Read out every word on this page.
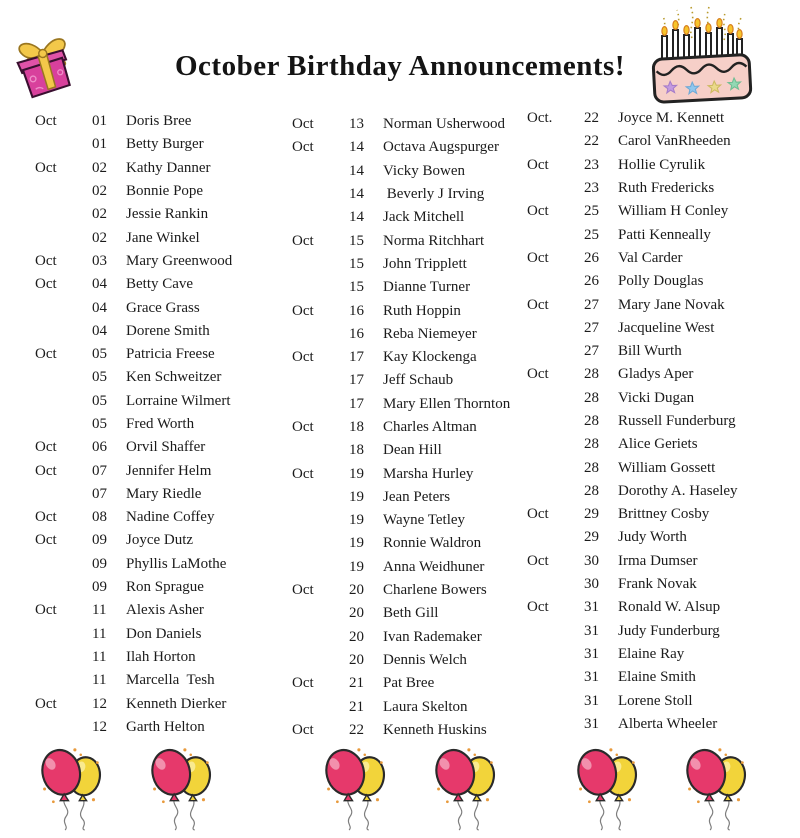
October Birthday Announcements!
Oct	01	Doris Bree
01	Betty Burger
Oct	02	Kathy Danner
02	Bonnie Pope
02	Jessie Rankin
02	Jane Winkel
Oct	03	Mary Greenwood
Oct	04	Betty Cave
04	Grace Grass
04	Dorene Smith
Oct	05	Patricia Freese
05	Ken Schweitzer
05	Lorraine Wilmert
05	Fred Worth
Oct	06	Orvil Shaffer
Oct	07	Jennifer Helm
07	Mary Riedle
Oct	08	Nadine Coffey
Oct	09	Joyce Dutz
09	Phyllis LaMothe
09	Ron Sprague
Oct	11	Alexis Asher
11	Don Daniels
11	Ilah Horton
11	Marcella  Tesh
Oct	12	Kenneth Dierker
12	Garth Helton
Oct	13	Norman Usherwood
Oct	14	Octava Augspurger
14	Vicky Bowen
14	Beverly J Irving
14	Jack Mitchell
Oct	15	Norma Ritchhart
15	John Tripplett
15	Dianne Turner
Oct	16	Ruth Hoppin
16	Reba Niemeyer
Oct	17	Kay Klockenga
17	Jeff Schaub
17	Mary Ellen Thornton
Oct	18	Charles Altman
18	Dean Hill
Oct	19	Marsha Hurley
19	Jean Peters
19	Wayne Tetley
19	Ronnie Waldron
19	Anna Weidhuner
Oct	20	Charlene Bowers
20	Beth Gill
20	Ivan Rademaker
20	Dennis Welch
Oct	21	Pat Bree
21	Laura Skelton
Oct	22	Kenneth Huskins
Oct.	22	Joyce M. Kennett
22	Carol VanRheeden
Oct	23	Hollie Cyrulik
23	Ruth Fredericks
Oct	25	William H Conley
25	Patti Kenneally
Oct	26	Val Carder
26	Polly Douglas
Oct	27	Mary Jane Novak
27	Jacqueline West
27	Bill Wurth
Oct	28	Gladys Aper
28	Vicki Dugan
28	Russell Funderburg
28	Alice Geriets
28	William Gossett
28	Dorothy A. Haseley
Oct	29	Brittney Cosby
29	Judy Worth
Oct	30	Irma Dumser
30	Frank Novak
Oct	31	Ronald W. Alsup
31	Judy Funderburg
31	Elaine Ray
31	Elaine Smith
31	Lorene Stoll
31	Alberta Wheeler
